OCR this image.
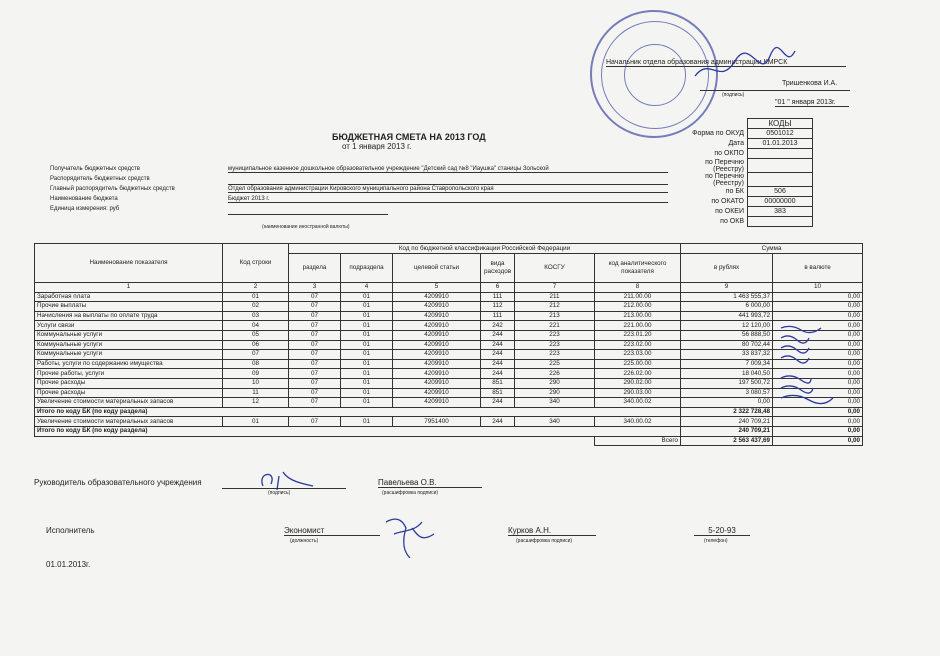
Начальник отдела образования администрации КМРСК
Тришенкова И.А.
(подпись)
"01 " января 2013г.
БЮДЖЕТНАЯ СМЕТА НА 2013 ГОД
от 1 января 2013 г.
	КОДЫ
Форма по ОКУД	0501012
Дата	01.01.2013
по ОКПО	
по Перечню (Реестру)	
по Перечню (Реестру)	
по БК	506
по ОКАТО	00000000
по ОКЕИ	383
по ОКВ	
Получатель бюджетных средств	муниципальное казенное дошкольное образовательное учреждение "Детский сад №8 "Иаушка" станицы Зольской
Распорядитель бюджетных средств
Главный распорядитель бюджетных средств	Отдел образования администрации Кировского муниципального района Ставропольского края
Наименование бюджета	Бюджет 2013 г.
Единица измерения: руб
(наименование иностранной валюты)
Наименование показателя	Код строки	Код по бюджетной классификации Российской Федерации						Сумма	
		раздела	подраздела	целевой статьи	вида расходов	КОСГУ	код аналитического показателя	в рублях	в валюте
1	2	3	4	5	6	7	8	9	10
Заработная плата	01	07	01	4209910	111	211	211.00.00	1 463 555,37	0,00
Прочие выплаты	02	07	01	4209910	112	212	212.00.00	6 000,00	0,00
Начисления на выплаты по оплате труда	03	07	01	4209910	111	213	213.00.00	441 993,72	0,00
Услуги связи	04	07	01	4209910	242	221	221.00.00	12 120,00	0,00
Коммунальные услуги	05	07	01	4209910	244	223	223.01.20	56 888,50	0,00
Коммунальные услуги	06	07	01	4209910	244	223	223.02.00	80 702,44	0,00
Коммунальные услуги	07	07	01	4209910	244	223	223.03.00	33 837,32	0,00
Работы, услуги по содержанию имущества	08	07	01	4209910	244	225	225.00.00	7 009,34	0,00
Прочие работы, услуги	09	07	01	4209910	244	226	226.02.00	18 040,50	0,00
Прочие расходы	10	07	01	4209910	851	290	290.02.00	197 500,72	0,00
Прочие расходы	11	07	01	4209910	851	290	290.03.00	3 080,57	0,00
Увеличение стоимости материальных запасов	12	07	01	4209910	244	340	340.00.02	0,00	0,00
Итого по коду БК (по коду раздела)								2 322 728,48	0,00
Увеличение стоимости материальных запасов	01	07	01	7951400	244	340	340.00.02	240 709,21	0,00
Итого по коду БК (по коду раздела)								240 709,21	0,00
							Всего	2 563 437,69	0,00
Руководитель образовательного учреждения
(подпись)
Павельева О.В.
(расшифровка подписи)
Исполнитель	Экономист
(должность)
Курков А.Н.
(расшифровка подписи)
5-20-93
(телефон)
01.01.2013г.
